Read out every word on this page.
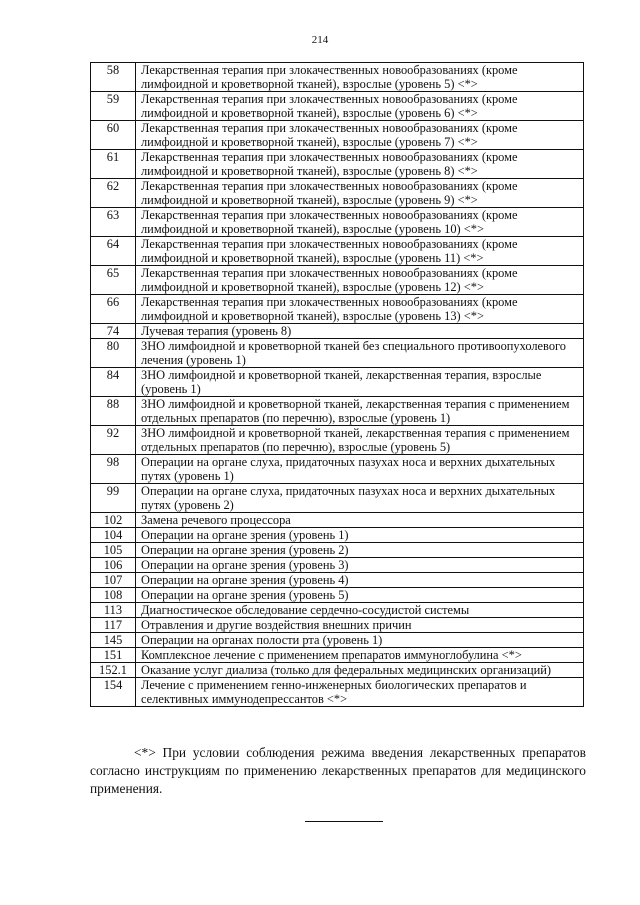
214
58	Лекарственная терапия при злокачественных новообразованиях (кроме лимфоидной и кроветворной тканей), взрослые (уровень 5) <*>
59	Лекарственная терапия при злокачественных новообразованиях (кроме лимфоидной и кроветворной тканей), взрослые (уровень 6) <*>
60	Лекарственная терапия при злокачественных новообразованиях (кроме лимфоидной и кроветворной тканей), взрослые (уровень 7) <*>
61	Лекарственная терапия при злокачественных новообразованиях (кроме лимфоидной и кроветворной тканей), взрослые (уровень 8) <*>
62	Лекарственная терапия при злокачественных новообразованиях (кроме лимфоидной и кроветворной тканей), взрослые (уровень 9) <*>
63	Лекарственная терапия при злокачественных новообразованиях (кроме лимфоидной и кроветворной тканей), взрослые (уровень 10) <*>
64	Лекарственная терапия при злокачественных новообразованиях (кроме лимфоидной и кроветворной тканей), взрослые (уровень 11) <*>
65	Лекарственная терапия при злокачественных новообразованиях (кроме лимфоидной и кроветворной тканей), взрослые (уровень 12) <*>
66	Лекарственная терапия при злокачественных новообразованиях (кроме лимфоидной и кроветворной тканей), взрослые (уровень 13) <*>
74	Лучевая терапия (уровень 8)
80	ЗНО лимфоидной и кроветворной тканей без специального противоопухолевого лечения (уровень 1)
84	ЗНО лимфоидной и кроветворной тканей, лекарственная терапия, взрослые (уровень 1)
88	ЗНО лимфоидной и кроветворной тканей, лекарственная терапия с применением отдельных препаратов (по перечню), взрослые (уровень 1)
92	ЗНО лимфоидной и кроветворной тканей, лекарственная терапия с применением отдельных препаратов (по перечню), взрослые (уровень 5)
98	Операции на органе слуха, придаточных пазухах носа и верхних дыхательных путях (уровень 1)
99	Операции на органе слуха, придаточных пазухах носа и верхних дыхательных путях (уровень 2)
102	Замена речевого процессора
104	Операции на органе зрения (уровень 1)
105	Операции на органе зрения (уровень 2)
106	Операции на органе зрения (уровень 3)
107	Операции на органе зрения (уровень 4)
108	Операции на органе зрения (уровень 5)
113	Диагностическое обследование сердечно-сосудистой системы
117	Отравления и другие воздействия внешних причин
145	Операции на органах полости рта (уровень 1)
151	Комплексное лечение с применением препаратов иммуноглобулина <*>
152.1	Оказание услуг диализа (только для федеральных медицинских организаций)
154	Лечение с применением генно-инженерных биологических препаратов и селективных иммунодепрессантов <*>
<*> При условии соблюдения режима введения лекарственных препаратов согласно инструкциям по применению лекарственных препаратов для медицинского применения.
